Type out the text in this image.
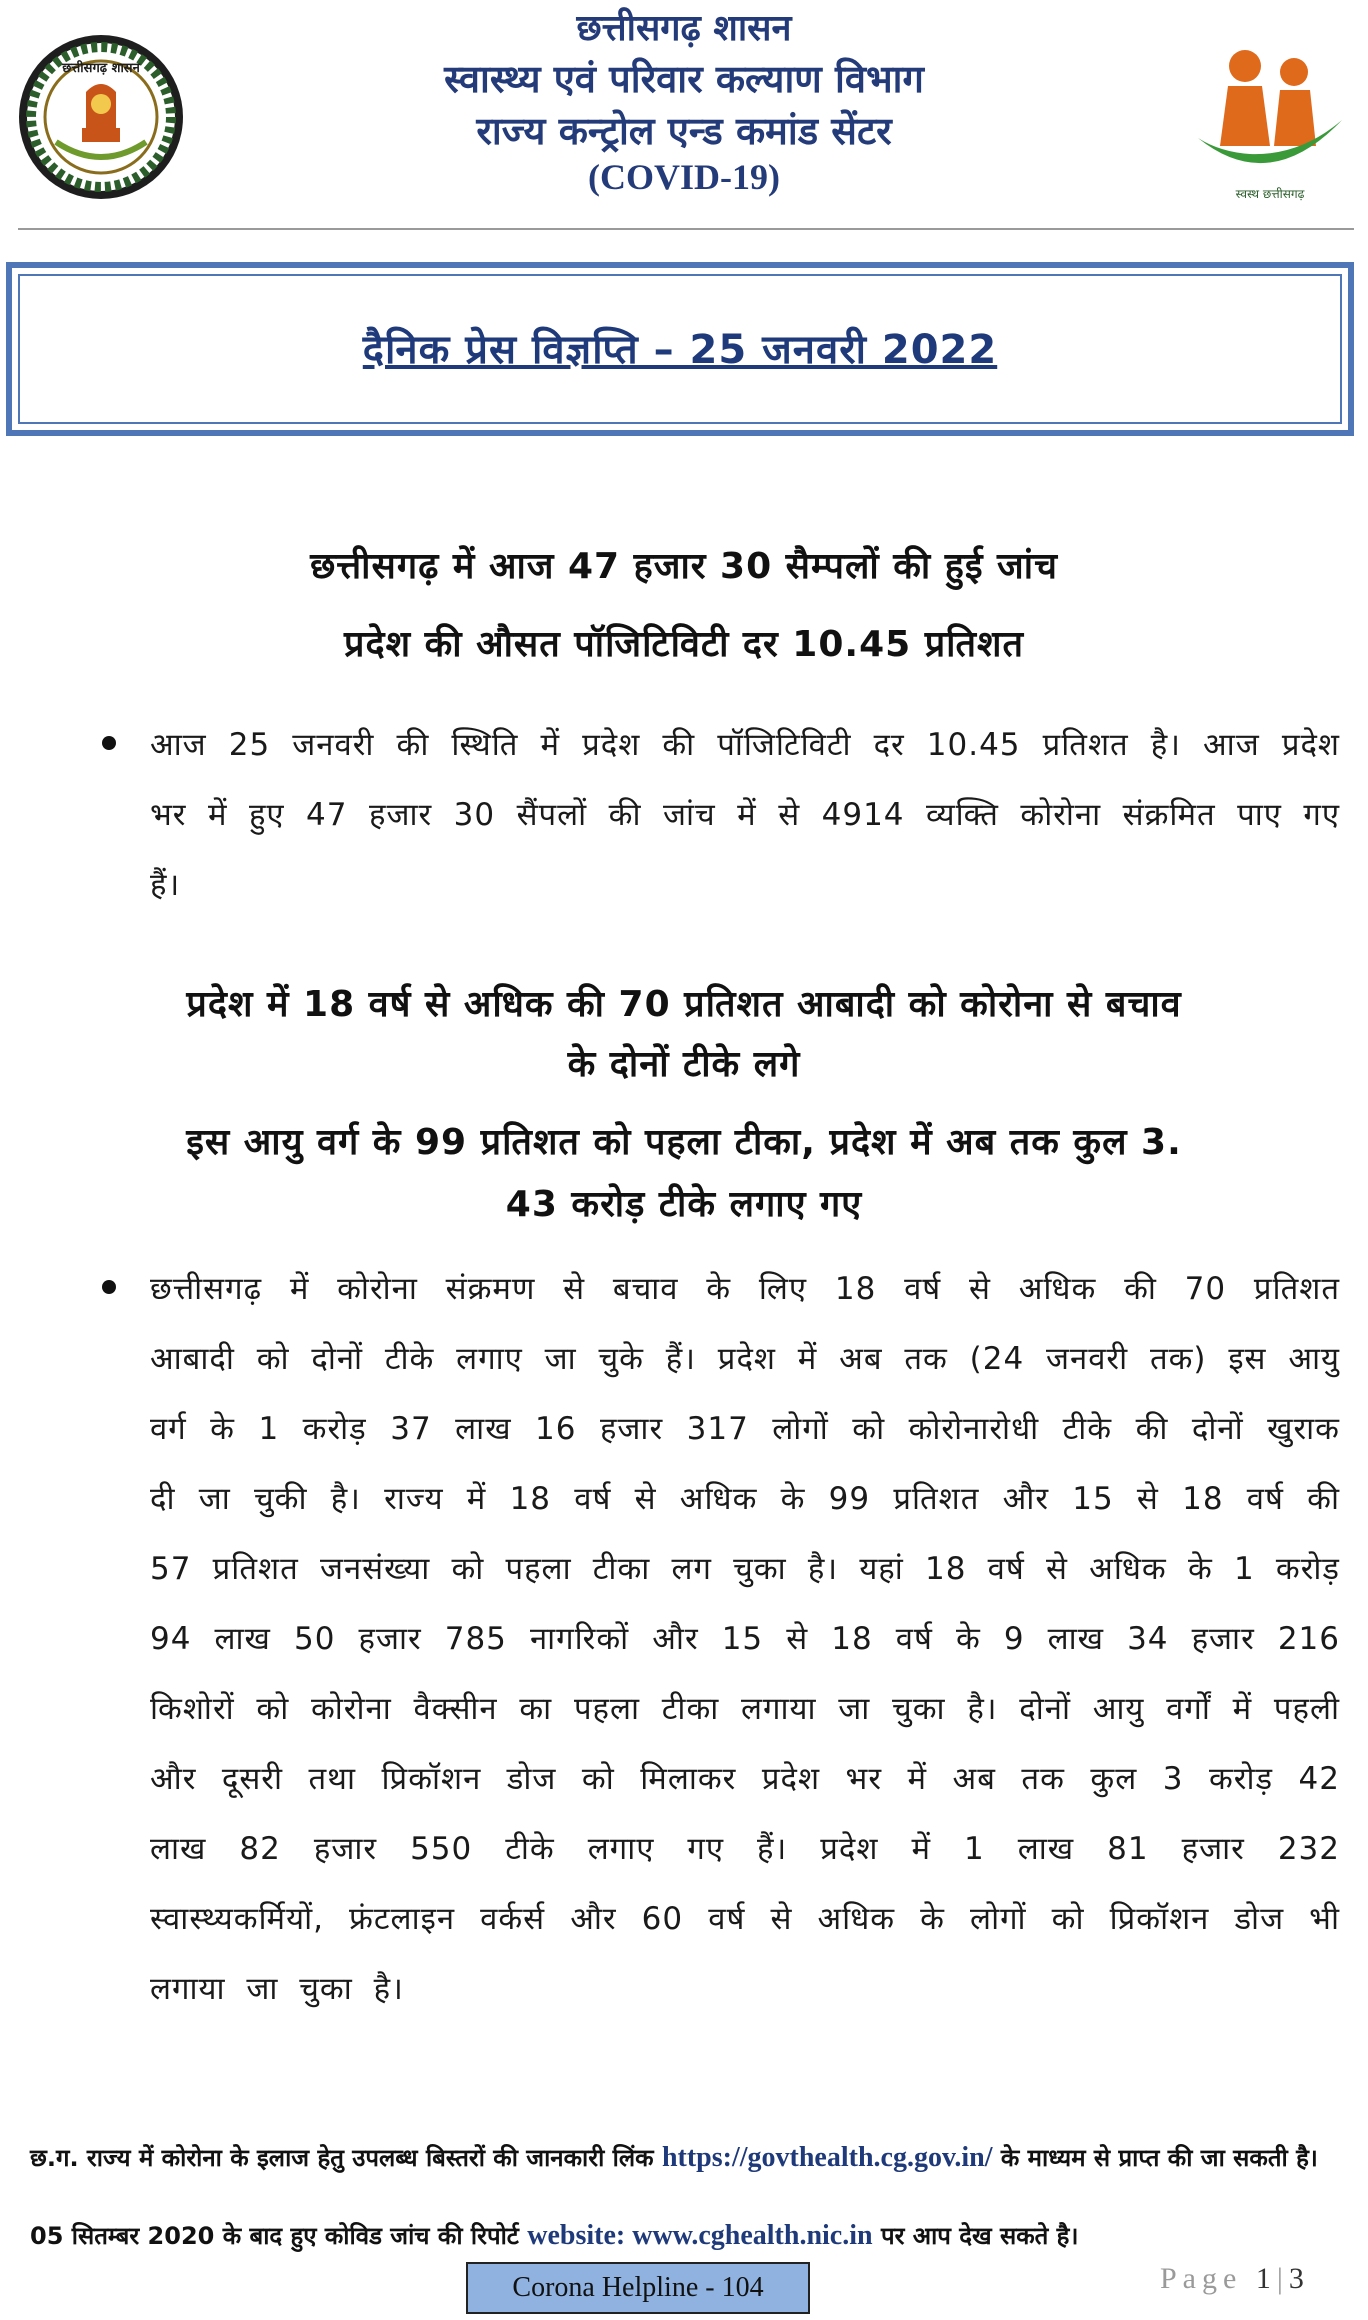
छत्तीसगढ़ शासन
स्वास्थ्य एवं परिवार कल्याण विभाग
राज्य कन्ट्रोल एन्ड कमांड सेंटर
(COVID-19)
छत्तीसगढ़ शासन
स्वस्थ छत्तीसगढ़
दैनिक प्रेस विज्ञप्ति – 25 जनवरी 2022
छत्तीसगढ़ में आज 47 हजार 30 सैम्पलों की हुई जांच
प्रदेश की औसत पॉजिटिविटी दर 10.45 प्रतिशत
आज 25 जनवरी की स्थिति में प्रदेश की पॉजिटिविटी दर 10.45 प्रतिशत है। आज प्रदेश भर में हुए 47 हजार 30 सैंपलों की जांच में से 4914 व्यक्ति कोरोना संक्रमित पाए गए हैं।
प्रदेश में 18 वर्ष से अधिक की 70 प्रतिशत आबादी को कोरोना से बचाव
के दोनों टीके लगे
इस आयु वर्ग के 99 प्रतिशत को पहला टीका, प्रदेश में अब तक कुल 3.
43 करोड़ टीके लगाए गए
छत्तीसगढ़ में कोरोना संक्रमण से बचाव के लिए 18 वर्ष से अधिक की 70 प्रतिशत आबादी को दोनों टीके लगाए जा चुके हैं। प्रदेश में अब तक (24 जनवरी तक) इस आयु वर्ग के 1 करोड़ 37 लाख 16 हजार 317 लोगों को कोरोनारोधी टीके की दोनों खुराक दी जा चुकी है। राज्य में 18 वर्ष से अधिक के 99 प्रतिशत और 15 से 18 वर्ष की 57 प्रतिशत जनसंख्या को पहला टीका लग चुका है। यहां 18 वर्ष से अधिक के 1 करोड़ 94 लाख 50 हजार 785 नागरिकों और 15 से 18 वर्ष के 9 लाख 34 हजार 216 किशोरों को कोरोना वैक्सीन का पहला टीका लगाया जा चुका है। दोनों आयु वर्गों में पहली और दूसरी तथा प्रिकॉशन डोज को मिलाकर प्रदेश भर में अब तक कुल 3 करोड़ 42 लाख 82 हजार 550 टीके लगाए गए हैं। प्रदेश में 1 लाख 81 हजार 232 स्वास्थ्यकर्मियों, फ्रंटलाइन वर्कर्स और 60 वर्ष से अधिक के लोगों को प्रिकॉशन डोज भी लगाया जा चुका है।
छ.ग. राज्य में कोरोना के इलाज हेतु उपलब्ध बिस्तरों की जानकारी लिंक https://govthealth.cg.gov.in/ के माध्यम से प्राप्त की जा सकती है।
05 सितम्बर 2020 के बाद हुए कोविड जांच की रिपोर्ट website: www.cghealth.nic.in पर आप देख सकते है।
Corona Helpline - 104	Page 1|3
